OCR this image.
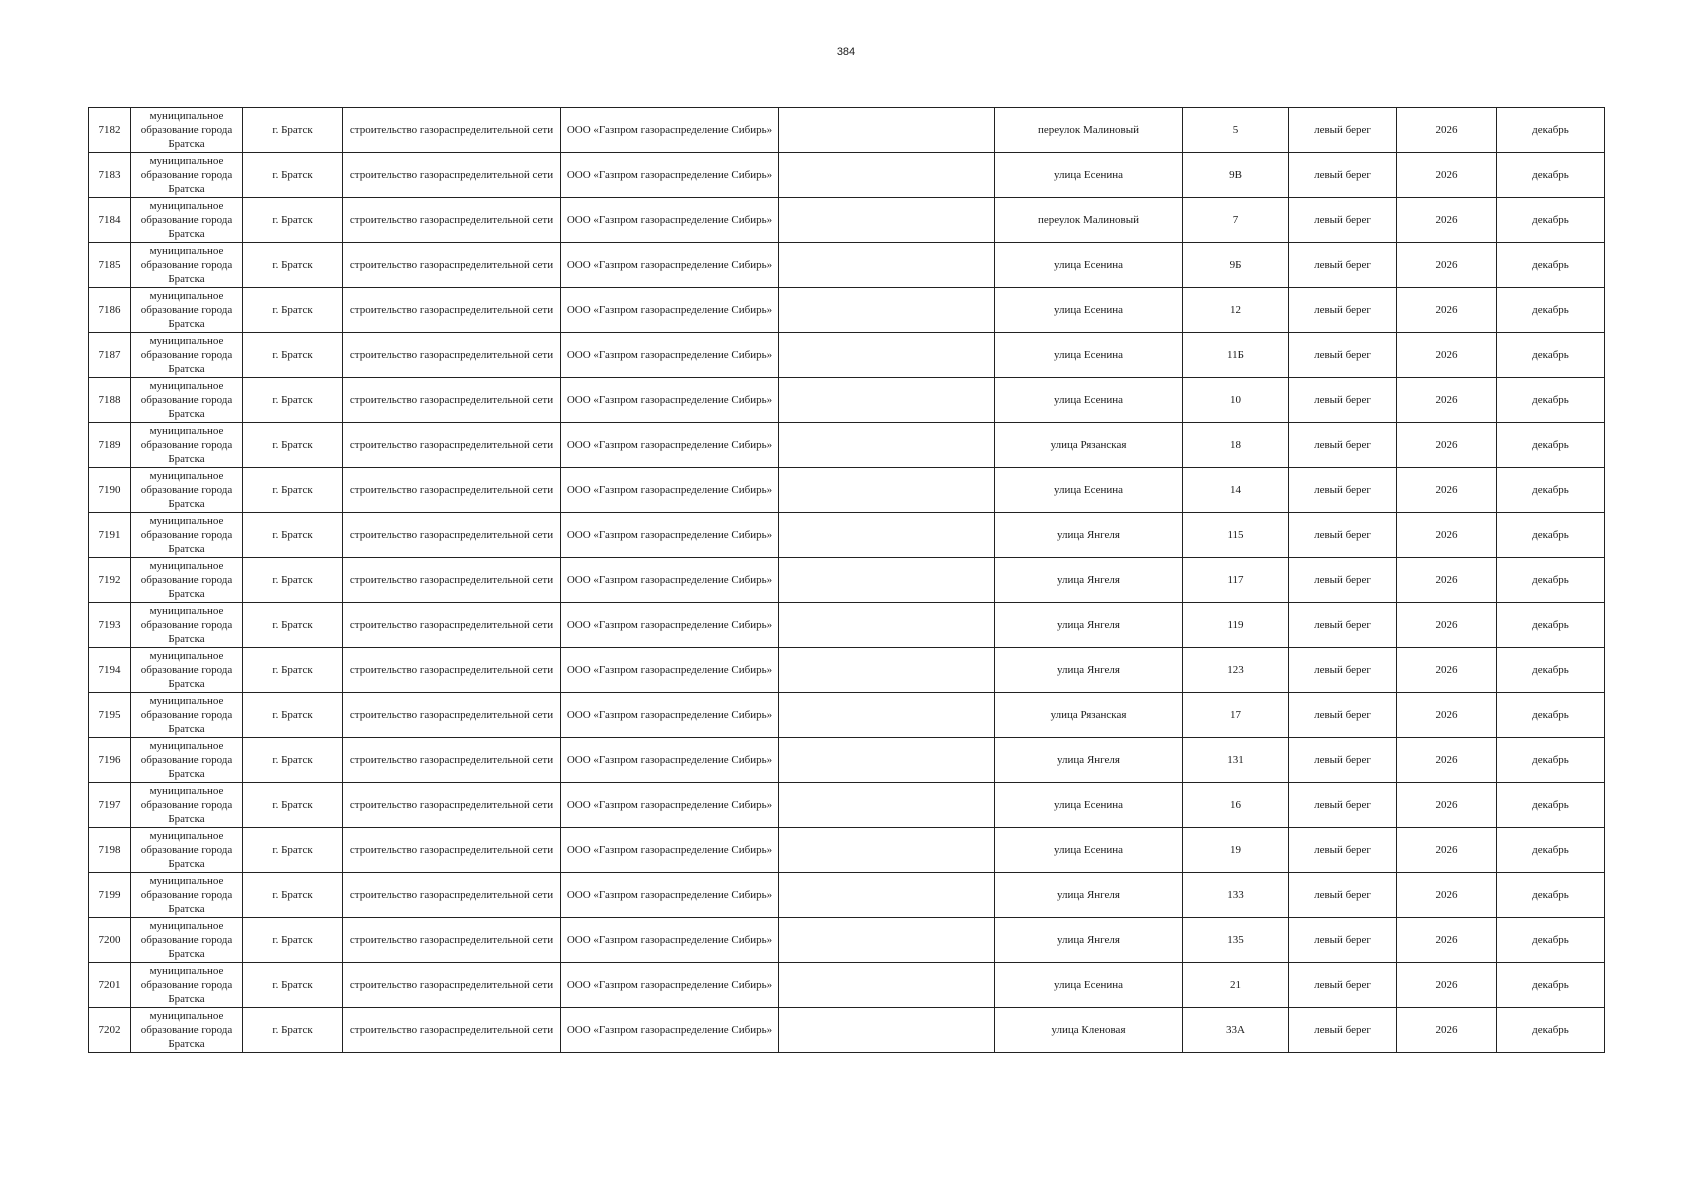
384
7182	муниципальное образование города Братска	г. Братск	строительство газораспределительной сети	ООО «Газпром газораспределение Сибирь»		переулок Малиновый	5	левый берег	2026	декабрь
7183	муниципальное образование города Братска	г. Братск	строительство газораспределительной сети	ООО «Газпром газораспределение Сибирь»		улица Есенина	9В	левый берег	2026	декабрь
7184	муниципальное образование города Братска	г. Братск	строительство газораспределительной сети	ООО «Газпром газораспределение Сибирь»		переулок Малиновый	7	левый берег	2026	декабрь
7185	муниципальное образование города Братска	г. Братск	строительство газораспределительной сети	ООО «Газпром газораспределение Сибирь»		улица Есенина	9Б	левый берег	2026	декабрь
7186	муниципальное образование города Братска	г. Братск	строительство газораспределительной сети	ООО «Газпром газораспределение Сибирь»		улица Есенина	12	левый берег	2026	декабрь
7187	муниципальное образование города Братска	г. Братск	строительство газораспределительной сети	ООО «Газпром газораспределение Сибирь»		улица Есенина	11Б	левый берег	2026	декабрь
7188	муниципальное образование города Братска	г. Братск	строительство газораспределительной сети	ООО «Газпром газораспределение Сибирь»		улица Есенина	10	левый берег	2026	декабрь
7189	муниципальное образование города Братска	г. Братск	строительство газораспределительной сети	ООО «Газпром газораспределение Сибирь»		улица Рязанская	18	левый берег	2026	декабрь
7190	муниципальное образование города Братска	г. Братск	строительство газораспределительной сети	ООО «Газпром газораспределение Сибирь»		улица Есенина	14	левый берег	2026	декабрь
7191	муниципальное образование города Братска	г. Братск	строительство газораспределительной сети	ООО «Газпром газораспределение Сибирь»		улица Янгеля	115	левый берег	2026	декабрь
7192	муниципальное образование города Братска	г. Братск	строительство газораспределительной сети	ООО «Газпром газораспределение Сибирь»		улица Янгеля	117	левый берег	2026	декабрь
7193	муниципальное образование города Братска	г. Братск	строительство газораспределительной сети	ООО «Газпром газораспределение Сибирь»		улица Янгеля	119	левый берег	2026	декабрь
7194	муниципальное образование города Братска	г. Братск	строительство газораспределительной сети	ООО «Газпром газораспределение Сибирь»		улица Янгеля	123	левый берег	2026	декабрь
7195	муниципальное образование города Братска	г. Братск	строительство газораспределительной сети	ООО «Газпром газораспределение Сибирь»		улица Рязанская	17	левый берег	2026	декабрь
7196	муниципальное образование города Братска	г. Братск	строительство газораспределительной сети	ООО «Газпром газораспределение Сибирь»		улица Янгеля	131	левый берег	2026	декабрь
7197	муниципальное образование города Братска	г. Братск	строительство газораспределительной сети	ООО «Газпром газораспределение Сибирь»		улица Есенина	16	левый берег	2026	декабрь
7198	муниципальное образование города Братска	г. Братск	строительство газораспределительной сети	ООО «Газпром газораспределение Сибирь»		улица Есенина	19	левый берег	2026	декабрь
7199	муниципальное образование города Братска	г. Братск	строительство газораспределительной сети	ООО «Газпром газораспределение Сибирь»		улица Янгеля	133	левый берег	2026	декабрь
7200	муниципальное образование города Братска	г. Братск	строительство газораспределительной сети	ООО «Газпром газораспределение Сибирь»		улица Янгеля	135	левый берег	2026	декабрь
7201	муниципальное образование города Братска	г. Братск	строительство газораспределительной сети	ООО «Газпром газораспределение Сибирь»		улица Есенина	21	левый берег	2026	декабрь
7202	муниципальное образование города Братска	г. Братск	строительство газораспределительной сети	ООО «Газпром газораспределение Сибирь»		улица Кленовая	33А	левый берег	2026	декабрь
